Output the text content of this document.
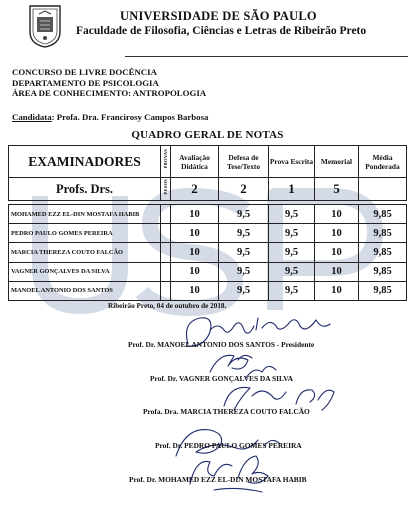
UNIVERSIDADE DE SÃO PAULO
Faculdade de Filosofia, Ciências e Letras de Ribeirão Preto
CONCURSO DE LIVRE DOCÊNCIA
DEPARTAMENTO DE PSICOLOGIA
ÁREA DE CONHECIMENTO: ANTROPOLOGIA
Candidata: Profa. Dra. Francirosy Campos Barbosa
QUADRO GERAL DE NOTAS
EXAMINADORES	PROVAS	Avaliação Didática	Defesa de Tese/Texto	Prova Escrita	Memorial	Média Ponderada
Profs. Drs.	PESOS	2	2	1	5	

MOHAMED EZZ EL-DIN MOSTAFA HABIB		10	9,5	9,5	10	9,85
PEDRO PAULO GOMES PEREIRA		10	9,5	9,5	10	9,85
MARCIA THEREZA COUTO FALCÃO		10	9,5	9,5	10	9,85
VAGNER GONÇALVES DA SILVA		10	9,5	9,5	10	9,85
MANOEL ANTONIO DOS SANTOS		10	9,5	9,5	10	9,85
Ribeirão Preto, 04 de outubro de 2018.
Prof. Dr. MANOEL ANTONIO DOS SANTOS - Presidente
Prof. Dr. VAGNER GONÇALVES DA SILVA
Profa. Dra. MARCIA THEREZA COUTO FALCÃO
Prof. Dr. PEDRO PAULO GOMES PEREIRA
Prof. Dr. MOHAMED EZZ EL-DIN MOSTAFA HABIB
